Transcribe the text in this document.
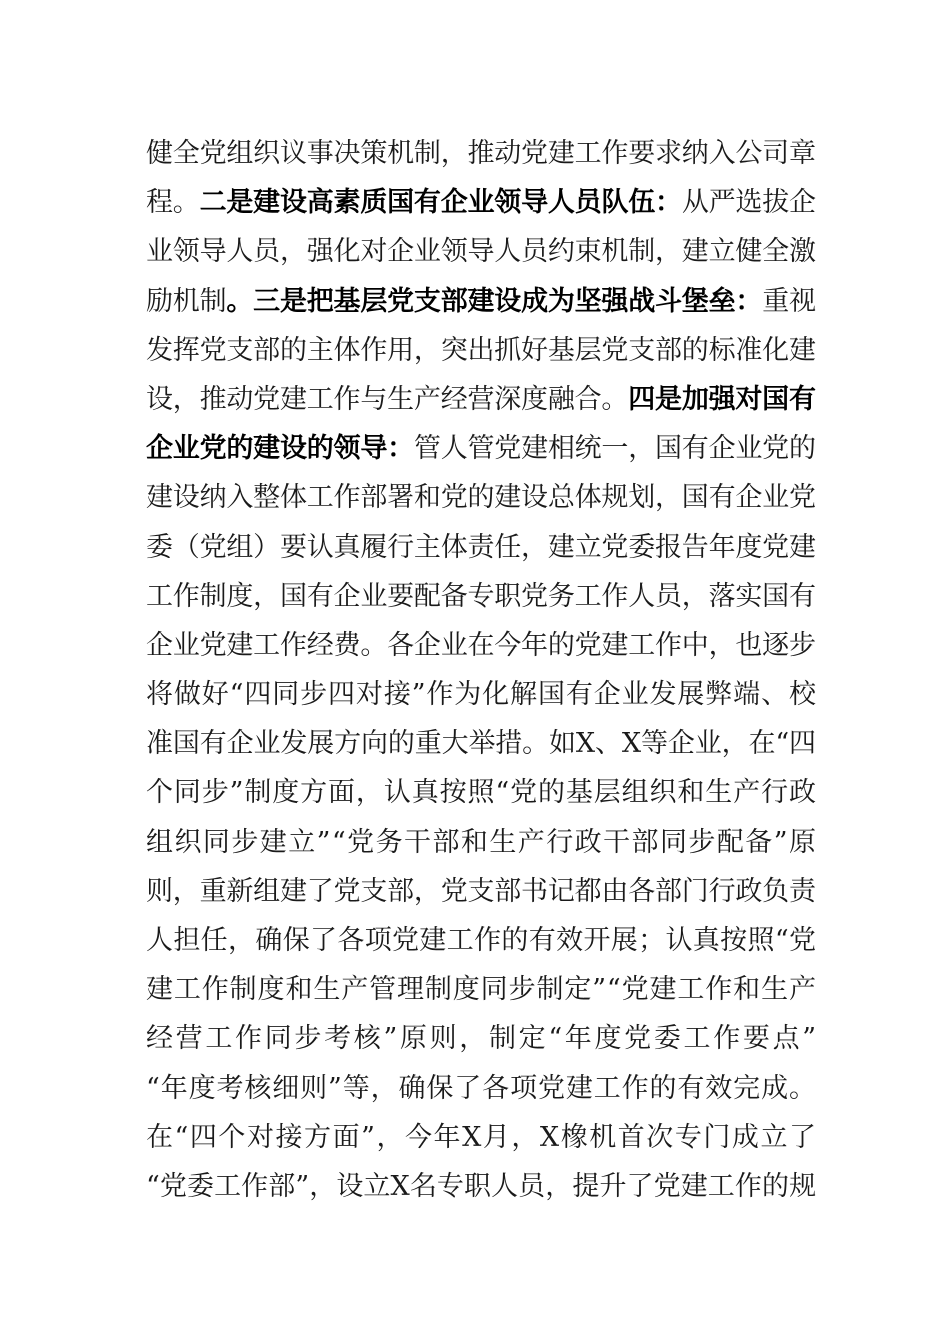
健全党组织议事决策机制，推动党建工作要求纳入公司章
程。二是建设高素质国有企业领导人员队伍：从严选拔企
业领导人员，强化对企业领导人员约束机制，建立健全激
励机制。三是把基层党支部建设成为坚强战斗堡垒：重视
发挥党支部的主体作用，突出抓好基层党支部的标准化建
设，推动党建工作与生产经营深度融合。四是加强对国有
企业党的建设的领导：管人管党建相统一，国有企业党的
建设纳入整体工作部署和党的建设总体规划，国有企业党
委（党组）要认真履行主体责任，建立党委报告年度党建
工作制度，国有企业要配备专职党务工作人员，落实国有
企业党建工作经费。各企业在今年的党建工作中，也逐步
将做好“四同步四对接”作为化解国有企业发展弊端、校
准国有企业发展方向的重大举措。如X、X等企业，在“四
个同步”制度方面，认真按照“党的基层组织和生产行政
组织同步建立”“党务干部和生产行政干部同步配备”原
则，重新组建了党支部，党支部书记都由各部门行政负责
人担任，确保了各项党建工作的有效开展；认真按照“党
建工作制度和生产管理制度同步制定”“党建工作和生产
经营工作同步考核”原则，制定“年度党委工作要点”
“年度考核细则”等，确保了各项党建工作的有效完成。
在“四个对接方面”，今年X月，X橡机首次专门成立了
“党委工作部”，设立X名专职人员，提升了党建工作的规
